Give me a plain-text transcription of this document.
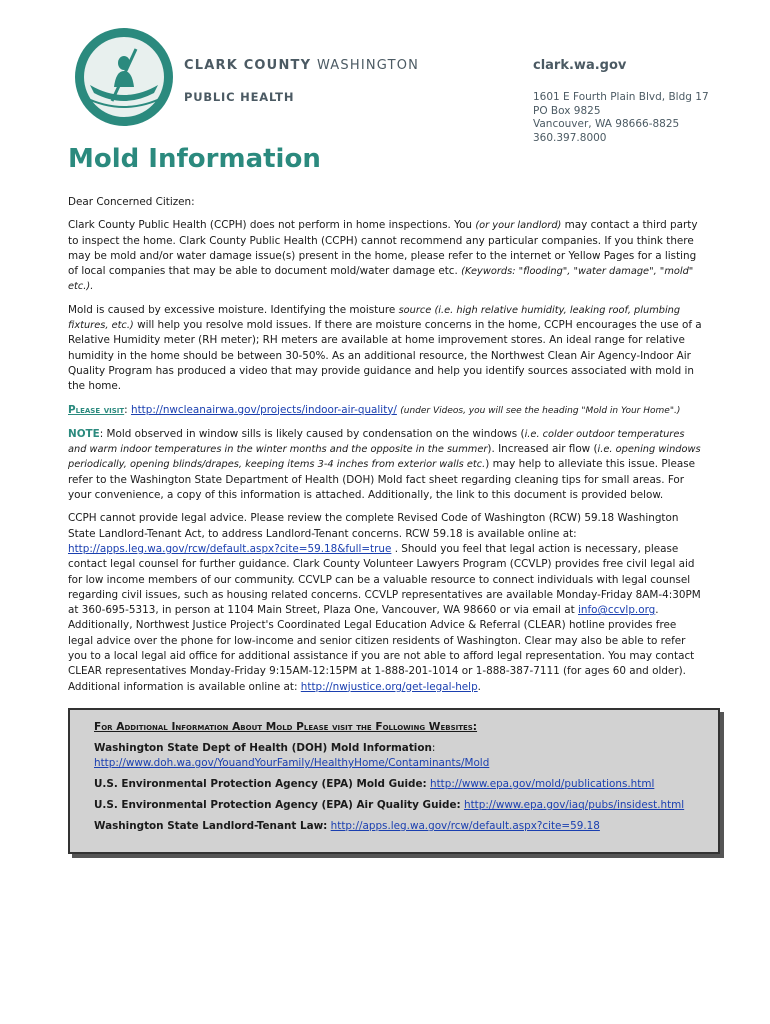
CLARK COUNTY WASHINGTON
PUBLIC HEALTH
clark.wa.gov
1601 E Fourth Plain Blvd, Bldg 17
PO Box 9825
Vancouver, WA 98666-8825
360.397.8000
Mold Information

Dear Concerned Citizen:

Clark County Public Health (CCPH) does not perform in home inspections. You (or your landlord) may contact a third party to inspect the home. Clark County Public Health (CCPH) cannot recommend any particular companies. If you think there may be mold and/or water damage issue(s) present in the home, please refer to the internet or Yellow Pages for a listing of local companies that may be able to document mold/water damage etc. (Keywords: "flooding", "water damage", "mold" etc.).

Mold is caused by excessive moisture. Identifying the moisture source (i.e. high relative humidity, leaking roof, plumbing fixtures, etc.) will help you resolve mold issues. If there are moisture concerns in the home, CCPH encourages the use of a Relative Humidity meter (RH meter); RH meters are available at home improvement stores. An ideal range for relative humidity in the home should be between 30-50%. As an additional resource, the Northwest Clean Air Agency-Indoor Air Quality Program has produced a video that may provide guidance and help you identify sources associated with mold in the home.

Please visit: http://nwcleanairwa.gov/projects/indoor-air-quality/ (under Videos, you will see the heading "Mold in Your Home".)

NOTE: Mold observed in window sills is likely caused by condensation on the windows (i.e. colder outdoor temperatures and warm indoor temperatures in the winter months and the opposite in the summer). Increased air flow (i.e. opening windows periodically, opening blinds/drapes, keeping items 3-4 inches from exterior walls etc.) may help to alleviate this issue. Please refer to the Washington State Department of Health (DOH) Mold fact sheet regarding cleaning tips for small areas. For your convenience, a copy of this information is attached. Additionally, the link to this document is provided below.

CCPH cannot provide legal advice. Please review the complete Revised Code of Washington (RCW) 59.18 Washington State Landlord-Tenant Act, to address Landlord-Tenant concerns. RCW 59.18 is available online at: http://apps.leg.wa.gov/rcw/default.aspx?cite=59.18&full=true . Should you feel that legal action is necessary, please contact legal counsel for further guidance. Clark County Volunteer Lawyers Program (CCVLP) provides free civil legal aid for low income members of our community. CCVLP can be a valuable resource to connect individuals with legal counsel regarding civil issues, such as housing related concerns. CCVLP representatives are available Monday-Friday 8AM-4:30PM at 360-695-5313, in person at 1104 Main Street, Plaza One, Vancouver, WA 98660 or via email at info@ccvlp.org. Additionally, Northwest Justice Project's Coordinated Legal Education Advice & Referral (CLEAR) hotline provides free legal advice over the phone for low-income and senior citizen residents of Washington. Clear may also be able to refer you to a local legal aid office for additional assistance if you are not able to afford legal representation. You may contact CLEAR representatives Monday-Friday 9:15AM-12:15PM at 1-888-201-1014 or 1-888-387-7111 (for ages 60 and older). Additional information is available online at: http://nwjustice.org/get-legal-help.

For Additional Information About Mold Please visit the Following Websites:
Washington State Dept of Health (DOH) Mold Information:
http://www.doh.wa.gov/YouandYourFamily/HealthyHome/Contaminants/Mold
U.S. Environmental Protection Agency (EPA) Mold Guide: http://www.epa.gov/mold/publications.html
U.S. Environmental Protection Agency (EPA) Air Quality Guide: http://www.epa.gov/iaq/pubs/insidest.html
Washington State Landlord-Tenant Law: http://apps.leg.wa.gov/rcw/default.aspx?cite=59.18
